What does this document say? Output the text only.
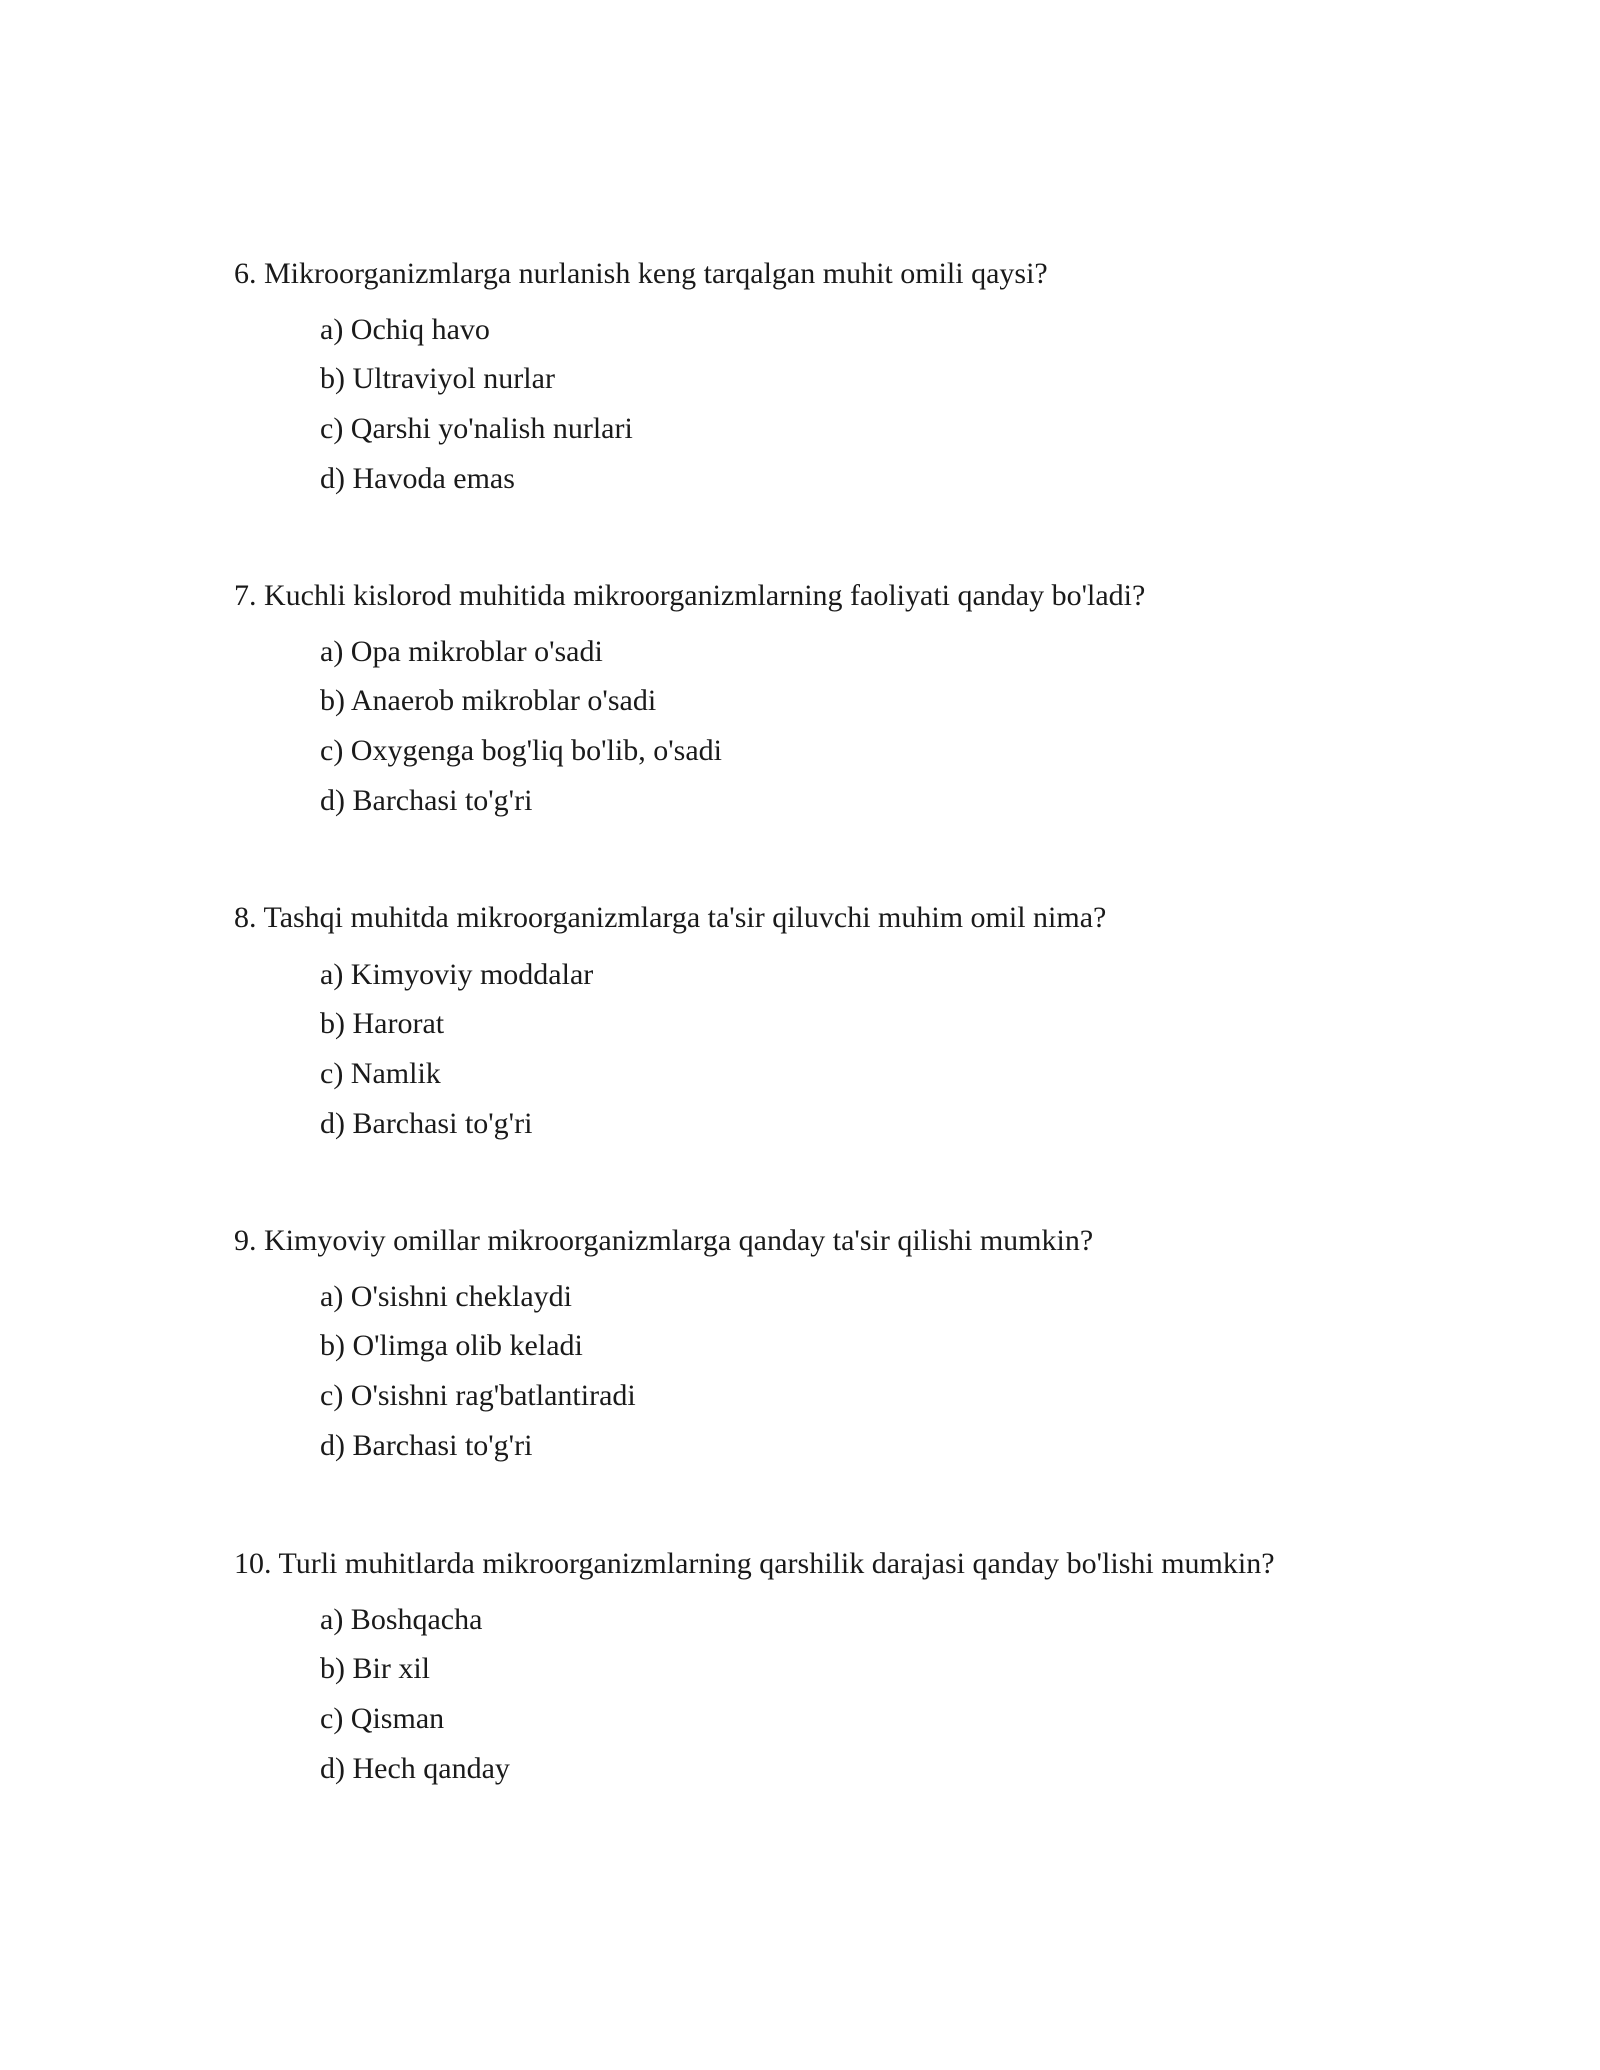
6. Mikroorganizmlarga nurlanish keng tarqalgan muhit omili qaysi?

a) Ochiq havo
b) Ultraviyol nurlar
c) Qarshi yo'nalish nurlari
d) Havoda emas

7. Kuchli kislorod muhitida mikroorganizmlarning faoliyati qanday bo'ladi?

a) Opa mikroblar o'sadi
b) Anaerob mikroblar o'sadi
c) Oxygenga bog'liq bo'lib, o'sadi
d) Barchasi to'g'ri

8. Tashqi muhitda mikroorganizmlarga ta'sir qiluvchi muhim omil nima?

a) Kimyoviy moddalar
b) Harorat
c) Namlik
d) Barchasi to'g'ri

9. Kimyoviy omillar mikroorganizmlarga qanday ta'sir qilishi mumkin?

a) O'sishni cheklaydi
b) O'limga olib keladi
c) O'sishni rag'batlantiradi
d) Barchasi to'g'ri

10. Turli muhitlarda mikroorganizmlarning qarshilik darajasi qanday bo'lishi mumkin?

a) Boshqacha
b) Bir xil
c) Qisman
d) Hech qanday
